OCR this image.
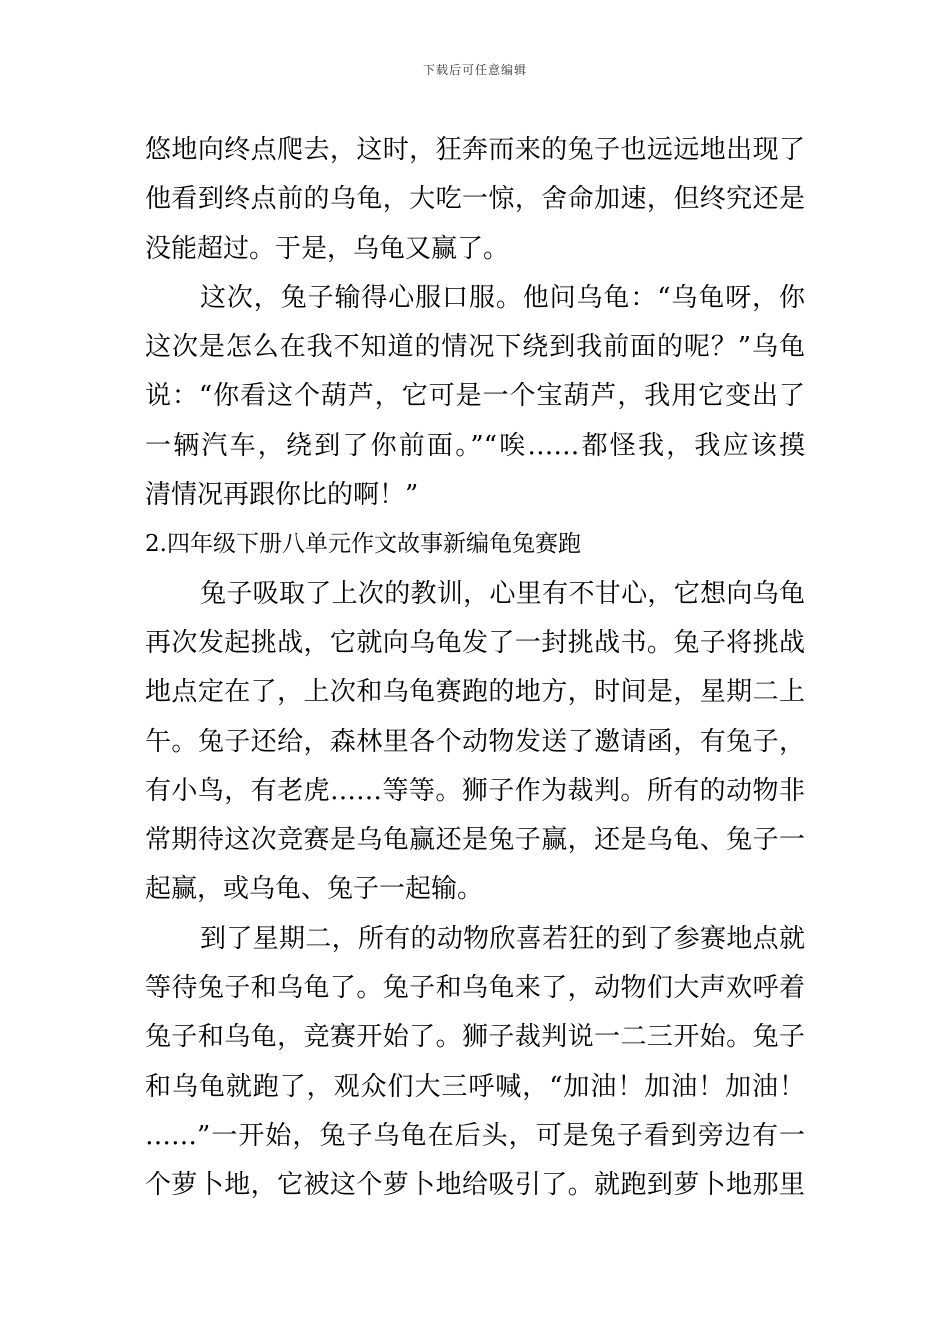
下载后可任意编辑
悠地向终点爬去，这时，狂奔而来的兔子也远远地出现了
他看到终点前的乌龟，大吃一惊，舍命加速，但终究还是
没能超过。于是，乌龟又赢了。
这次，兔子输得心服口服。他问乌龟：“乌龟呀，你
这次是怎么在我不知道的情况下绕到我前面的呢？”乌龟
说：“你看这个葫芦，它可是一个宝葫芦，我用它变出了
一辆汽车，绕到了你前面。”“唉……都怪我，我应该摸
清情况再跟你比的啊！”
2.四年级下册八单元作文故事新编龟兔赛跑
兔子吸取了上次的教训，心里有不甘心，它想向乌龟
再次发起挑战，它就向乌龟发了一封挑战书。兔子将挑战
地点定在了，上次和乌龟赛跑的地方，时间是，星期二上
午。兔子还给，森林里各个动物发送了邀请函，有兔子，
有小鸟，有老虎……等等。狮子作为裁判。所有的动物非
常期待这次竞赛是乌龟赢还是兔子赢，还是乌龟、兔子一
起赢，或乌龟、兔子一起输。
到了星期二，所有的动物欣喜若狂的到了参赛地点就
等待兔子和乌龟了。兔子和乌龟来了，动物们大声欢呼着
兔子和乌龟，竞赛开始了。狮子裁判说一二三开始。兔子
和乌龟就跑了，观众们大三呼喊，“加油！加油！加油！
……”一开始，兔子乌龟在后头，可是兔子看到旁边有一
个萝卜地，它被这个萝卜地给吸引了。就跑到萝卜地那里
